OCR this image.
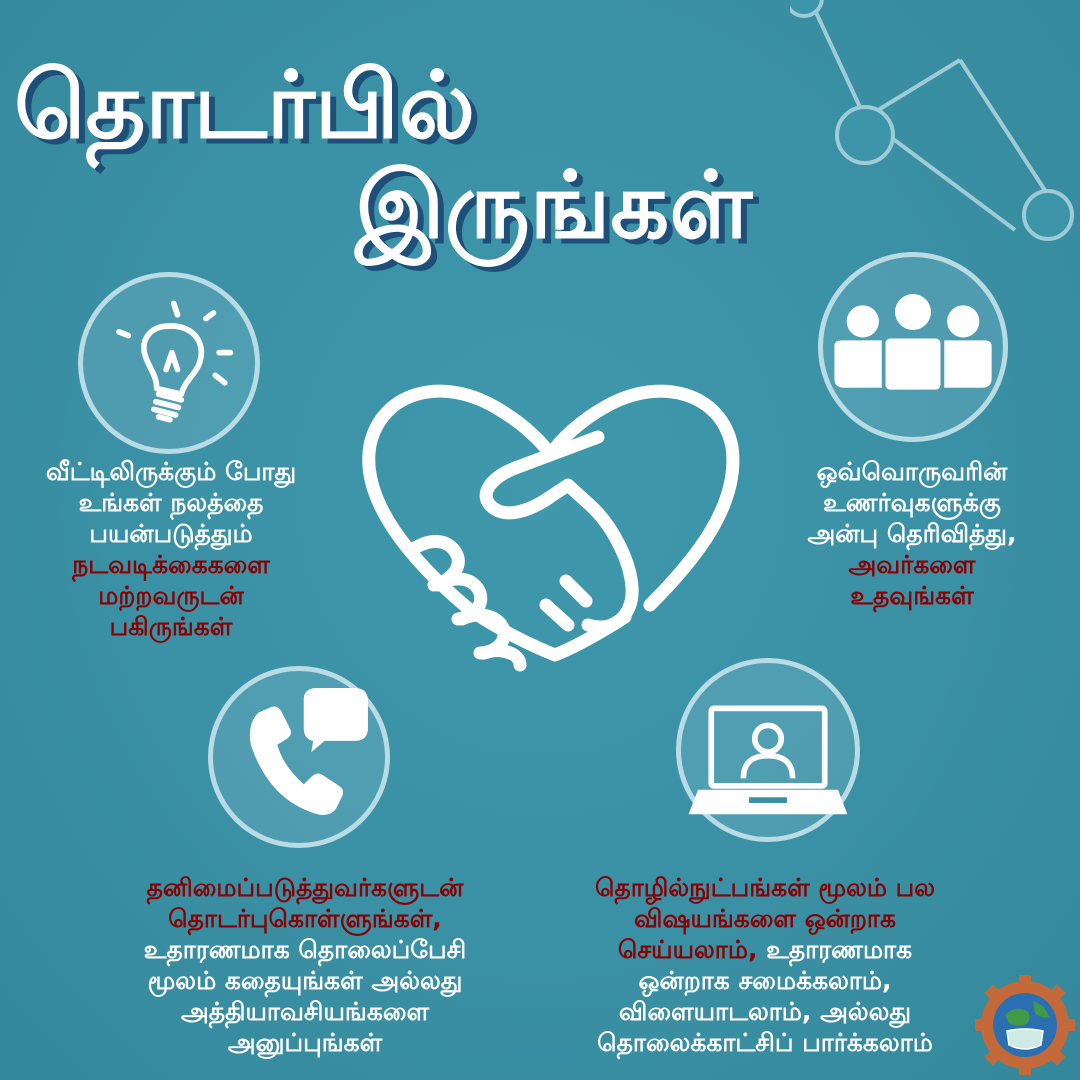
தொடர்பில்
இருங்கள்
வீட்டிலிருக்கும் போது
உங்கள் நலத்தை
பயன்படுத்தும்
நடவடிக்கைகளை
மற்றவருடன்
பகிருங்கள்
ஒவ்வொருவரின்
உணர்வுகளுக்கு
அன்பு தெரிவித்து,
அவர்களை
உதவுங்கள்
தனிமைப்படுத்துவர்களுடன்
தொடர்புகொள்ளுங்கள்,
உதாரணமாக தொலைப்பேசி
மூலம் கதையுங்கள் அல்லது
அத்தியாவசியங்களை
அனுப்புங்கள்
தொழில்நுட்பங்கள் மூலம் பல
விஷயங்களை ஒன்றாக
செய்யலாம், உதாரணமாக
ஒன்றாக சமைக்கலாம்,
விளையாடலாம், அல்லது
தொலைக்காட்சிப் பார்க்கலாம்
